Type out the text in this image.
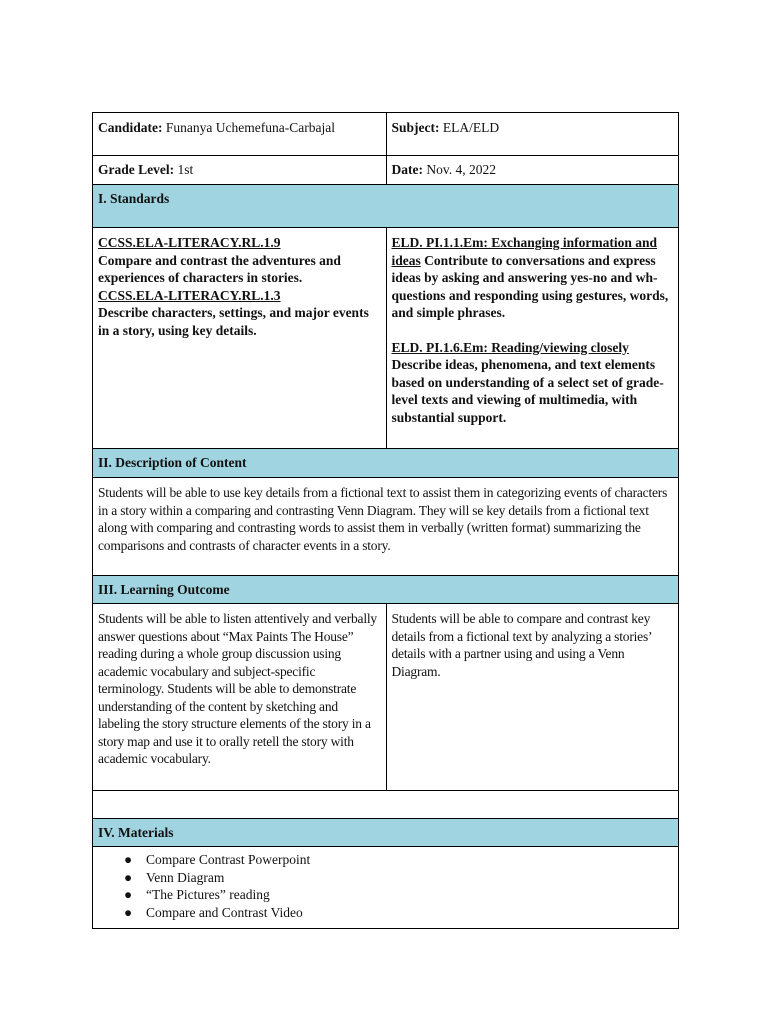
Candidate: Funanya Uchemefuna-Carbajal	Subject: ELA/ELD
Grade Level: 1st	Date: Nov. 4, 2022
I. Standards
CCSS.ELA-LITERACY.RL.1.9
Compare and contrast the adventures and experiences of characters in stories.
CCSS.ELA-LITERACY.RL.1.3
Describe characters, settings, and major events in a story, using key details.
ELD. PI.1.1.Em: Exchanging information and ideas Contribute to conversations and express ideas by asking and answering yes-no and wh-questions and responding using gestures, words, and simple phrases.
ELD. PI.1.6.Em: Reading/viewing closely
Describe ideas, phenomena, and text elements based on understanding of a select set of grade-level texts and viewing of multimedia, with substantial support.
II. Description of Content
Students will be able to use key details from a fictional text to assist them in categorizing events of characters in a story within a comparing and contrasting Venn Diagram. They will se key details from a fictional text along with comparing and contrasting words to assist them in verbally (written format) summarizing the comparisons and contrasts of character events in a story.
III. Learning Outcome
Students will be able to listen attentively and verbally answer questions about “Max Paints The House” reading during a whole group discussion using academic vocabulary and subject-specific terminology. Students will be able to demonstrate understanding of the content by sketching and labeling the story structure elements of the story in a story map and use it to orally retell the story with academic vocabulary.
Students will be able to compare and contrast key details from a fictional text by analyzing a stories’ details with a partner using and using a Venn Diagram.
IV. Materials
● Compare Contrast Powerpoint
● Venn Diagram
● “The Pictures” reading
● Compare and Contrast Video
